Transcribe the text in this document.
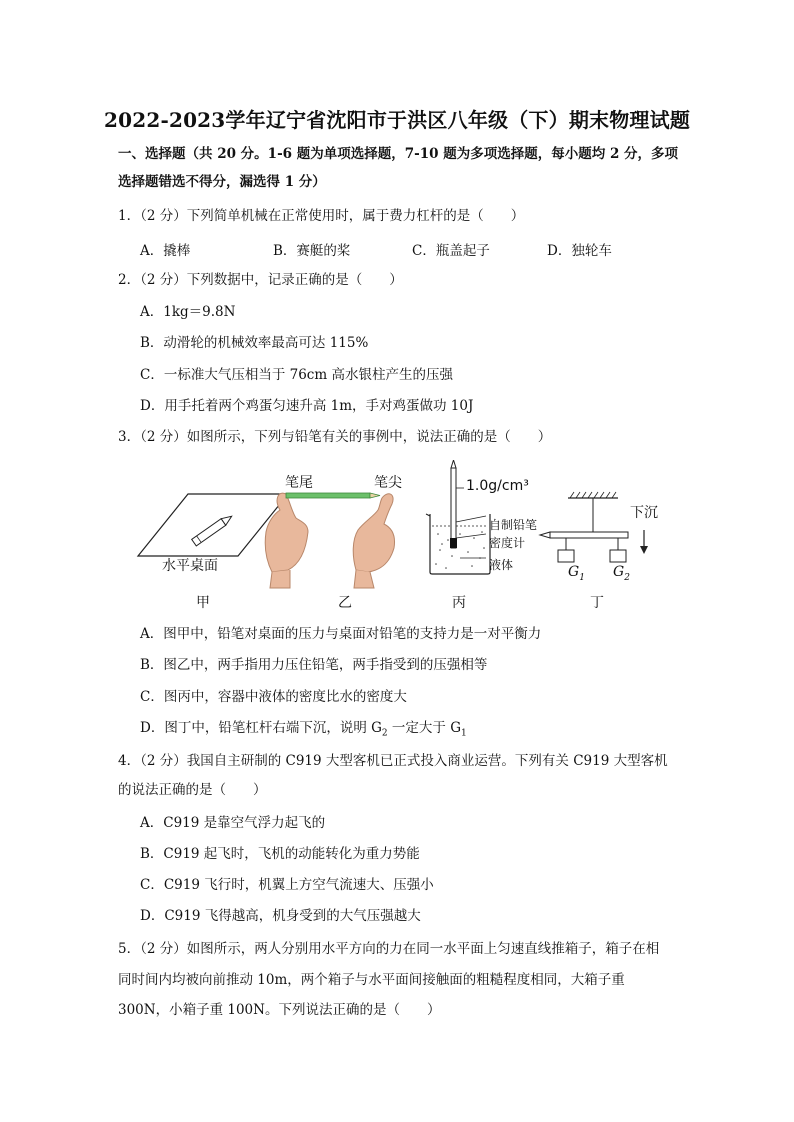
2022-2023学年辽宁省沈阳市于洪区八年级（下）期末物理试题
一、选择题（共 20 分。1-6 题为单项选择题，7-10 题为多项选择题，每小题均 2 分，多项
选择题错选不得分，漏选得 1 分）
1．（2 分）下列简单机械在正常使用时，属于费力杠杆的是（　　）
A．撬棒	B．赛艇的桨	C．瓶盖起子	D．独轮车
2．（2 分）下列数据中，记录正确的是（　　）
A．1kg＝9.8N
B．动滑轮的机械效率最高可达 115%
C．一标准大气压相当于 76cm 高水银柱产生的压强
D．用手托着两个鸡蛋匀速升高 1m，手对鸡蛋做功 10J
3．（2 分）如图所示，下列与铅笔有关的事例中，说法正确的是（　　）
水平桌面
笔尾	笔尖	1.0g/cm³
自制铅笔
密度计
液体
下沉
$G_1$ $G_2$
甲	乙	丙	丁
A．图甲中，铅笔对桌面的压力与桌面对铅笔的支持力是一对平衡力
B．图乙中，两手指用力压住铅笔，两手指受到的压强相等
C．图丙中，容器中液体的密度比水的密度大
D．图丁中，铅笔杠杆右端下沉，说明 $G_2$ 一定大于 $G_1$
4．（2 分）我国自主研制的 C919 大型客机已正式投入商业运营。下列有关 C919 大型客机
的说法正确的是（　　）
A．C919 是靠空气浮力起飞的
B．C919 起飞时，飞机的动能转化为重力势能
C．C919 飞行时，机翼上方空气流速大、压强小
D．C919 飞得越高，机身受到的大气压强越大
5．（2 分）如图所示，两人分别用水平方向的力在同一水平面上匀速直线推箱子，箱子在相
同时间内均被向前推动 10m，两个箱子与水平面间接触面的粗糙程度相同，大箱子重
300N，小箱子重 100N。下列说法正确的是（　　）
